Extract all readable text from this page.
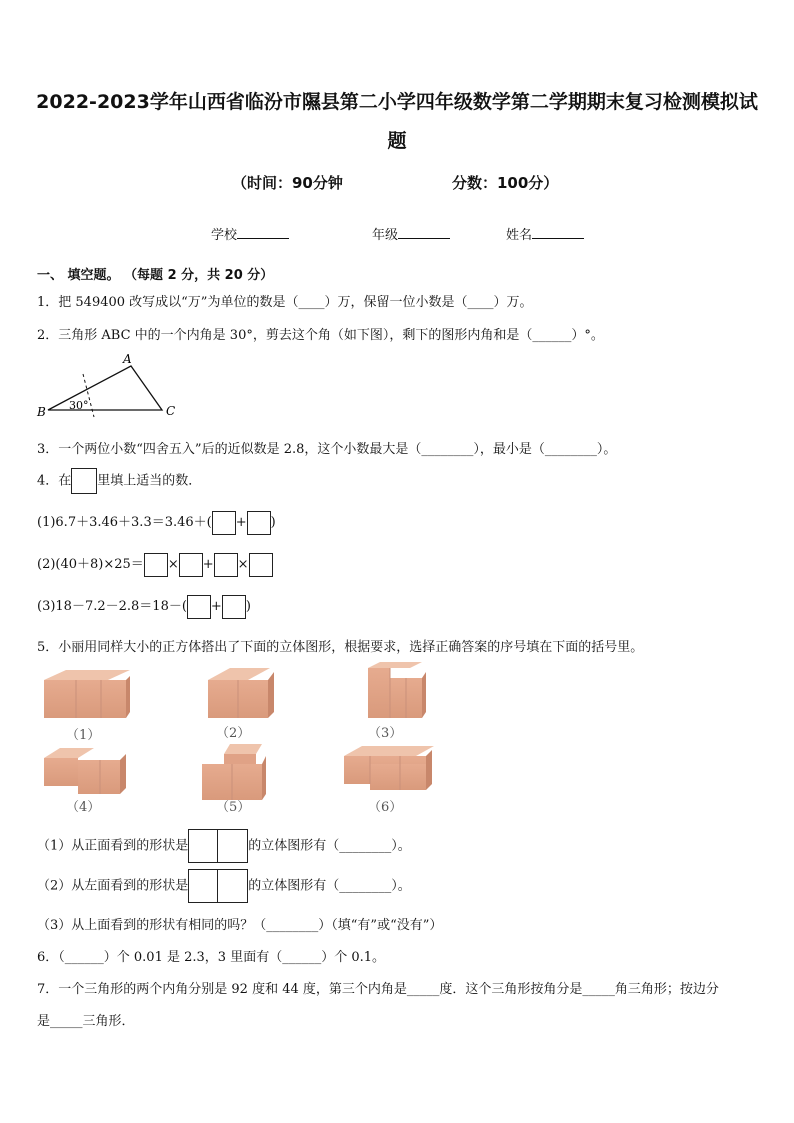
2022-2023学年山西省临汾市隰县第二小学四年级数学第二学期期末复习检测模拟试
题
（时间：90分钟	分数：100分）
学校	年级	姓名
一、 填空题。 （每题 2 分，共 20 分）
1．把 549400 改写成以“万”为单位的数是（____）万，保留一位小数是（____）万。
2．三角形 ABC 中的一个内角是 30°，剪去这个角（如下图），剩下的图形内角和是（______）°。
A
B	C
30°
3．一个两位小数“四舍五入”后的近似数是 2.8，这个小数最大是（________），最小是（________）。
4．在 里填上适当的数．
(1)6.7＋3.46＋3.3＝3.46＋( + )
(2)(40＋8)×25＝ × + ×
(3)18－7.2－2.8＝18－( + )
5．小丽用同样大小的正方体搭出了下面的立体图形，根据要求，选择正确答案的序号填在下面的括号里。
（1）	（2）	（3）
（4）	（5）	（6）
（1）从正面看到的形状是	的立体图形有（________）。
（2）从左面看到的形状是	的立体图形有（________）。
（3）从上面看到的形状有相同的吗？（________）（填“有”或“没有”）
6．（______）个 0.01 是 2.3，3 里面有（______）个 0.1。
7．一个三角形的两个内角分别是 92 度和 44 度，第三个内角是_____度．这个三角形按角分是_____角三角形；按边分
是_____三角形．
